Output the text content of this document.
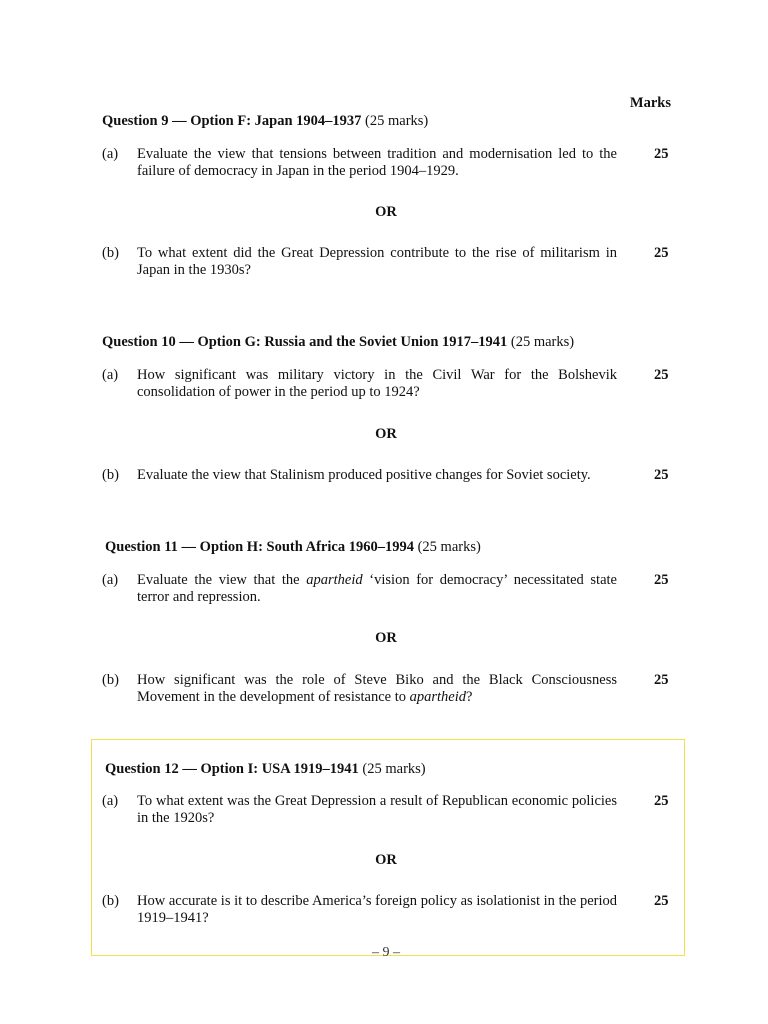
Marks
Question 9 — Option F: Japan 1904–1937 (25 marks)
(a) Evaluate the view that tensions between tradition and modernisation led to the failure of democracy in Japan in the period 1904–1929.
25
OR
(b) To what extent did the Great Depression contribute to the rise of militarism in Japan in the 1930s?
25
Question 10 — Option G: Russia and the Soviet Union 1917–1941 (25 marks)
(a) How significant was military victory in the Civil War for the Bolshevik consolidation of power in the period up to 1924?
25
OR
(b) Evaluate the view that Stalinism produced positive changes for Soviet society.	25
Question 11 — Option H: South Africa 1960–1994 (25 marks)
(a) Evaluate the view that the apartheid ‘vision for democracy’ necessitated state terror and repression.
25
OR
(b) How significant was the role of Steve Biko and the Black Consciousness Movement in the development of resistance to apartheid?
25
Question 12 — Option I: USA 1919–1941 (25 marks)
(a) To what extent was the Great Depression a result of Republican economic policies in the 1920s?
25
OR
(b) How accurate is it to describe America’s foreign policy as isolationist in the period 1919–1941?
25
– 9 –
